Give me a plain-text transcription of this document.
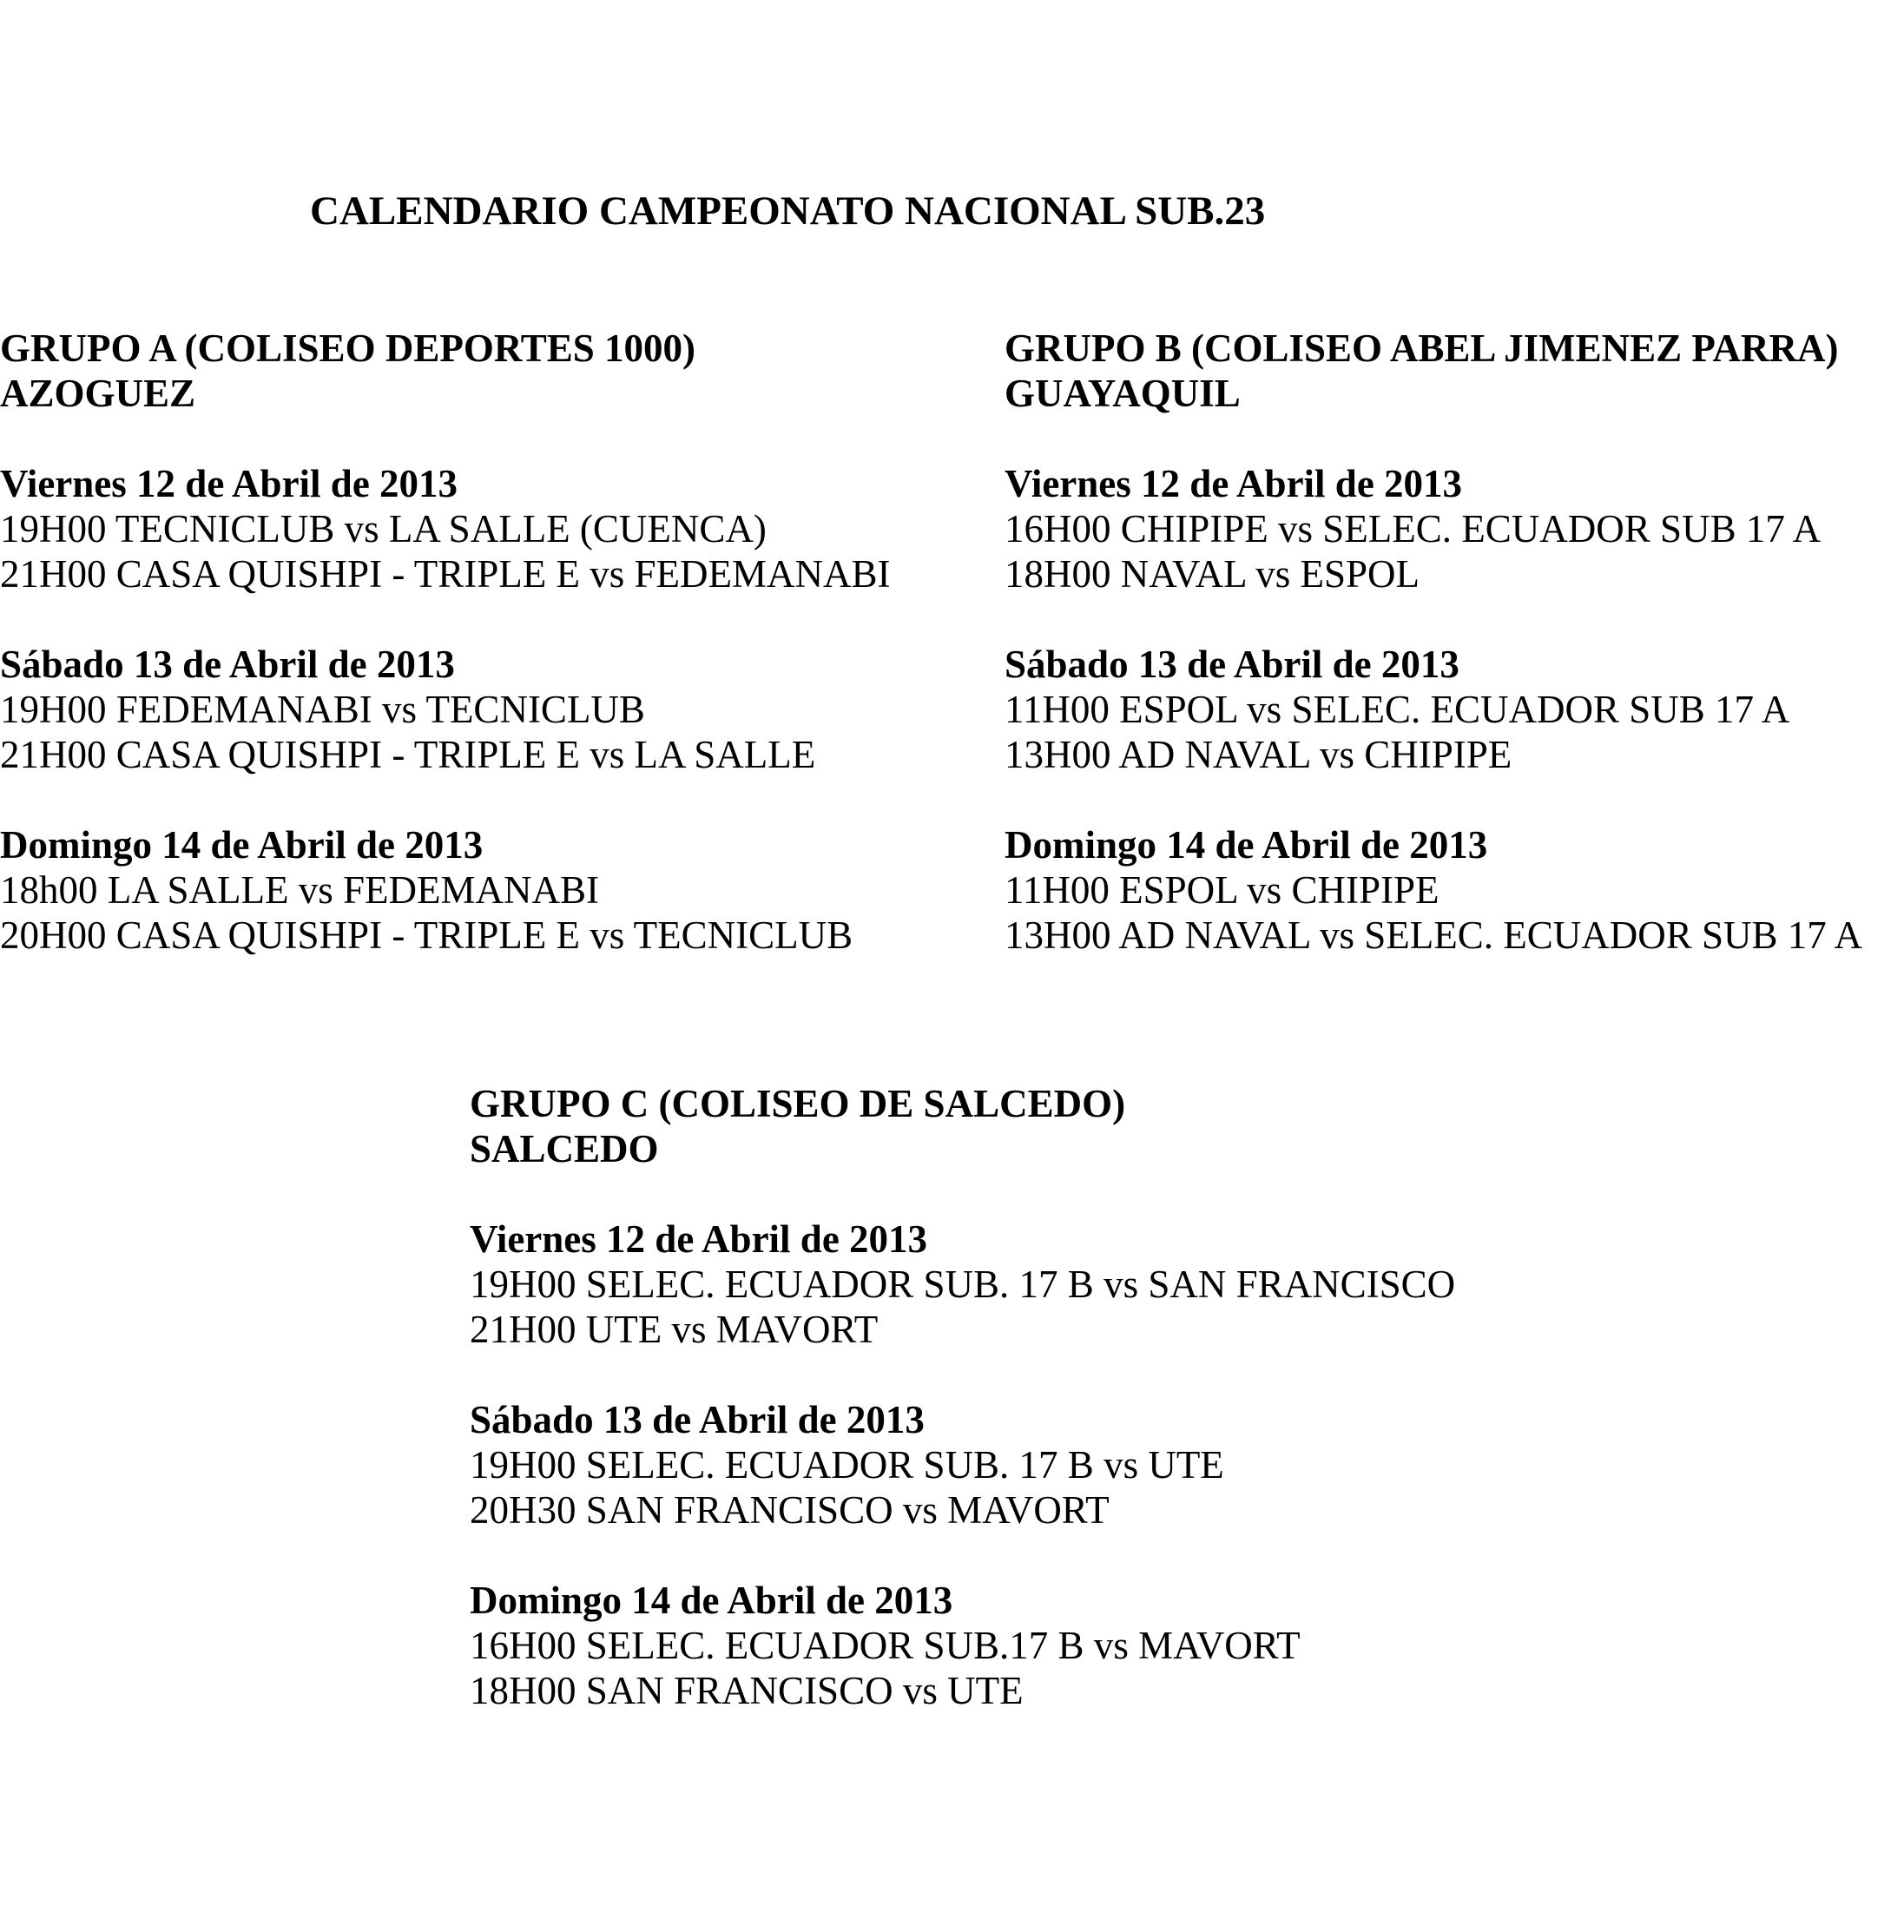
CALENDARIO CAMPEONATO NACIONAL SUB.23
GRUPO A (COLISEO DEPORTES 1000)
AZOGUEZ
Viernes 12 de Abril de 2013
19H00 TECNICLUB vs LA SALLE (CUENCA)
21H00 CASA QUISHPI - TRIPLE E vs FEDEMANABI
Sábado 13 de Abril de 2013
19H00 FEDEMANABI vs TECNICLUB
21H00 CASA QUISHPI - TRIPLE E vs LA SALLE
Domingo 14 de Abril de 2013
18h00 LA SALLE vs FEDEMANABI
20H00 CASA QUISHPI - TRIPLE E vs TECNICLUB
GRUPO B (COLISEO ABEL JIMENEZ PARRA)
GUAYAQUIL
Viernes 12 de Abril de 2013
16H00 CHIPIPE vs SELEC. ECUADOR SUB 17 A
18H00 NAVAL vs ESPOL
Sábado 13 de Abril de 2013
11H00 ESPOL vs SELEC. ECUADOR SUB 17 A
13H00 AD NAVAL vs CHIPIPE
Domingo 14 de Abril de 2013
11H00 ESPOL vs CHIPIPE
13H00 AD NAVAL vs SELEC. ECUADOR SUB 17 A
GRUPO C (COLISEO DE SALCEDO)
SALCEDO
Viernes 12 de Abril de 2013
19H00 SELEC. ECUADOR SUB. 17 B vs SAN FRANCISCO
21H00 UTE vs MAVORT
Sábado 13 de Abril de 2013
19H00 SELEC. ECUADOR SUB. 17 B vs UTE
20H30 SAN FRANCISCO vs MAVORT
Domingo 14 de Abril de 2013
16H00 SELEC. ECUADOR SUB.17 B vs MAVORT
18H00 SAN FRANCISCO vs UTE
